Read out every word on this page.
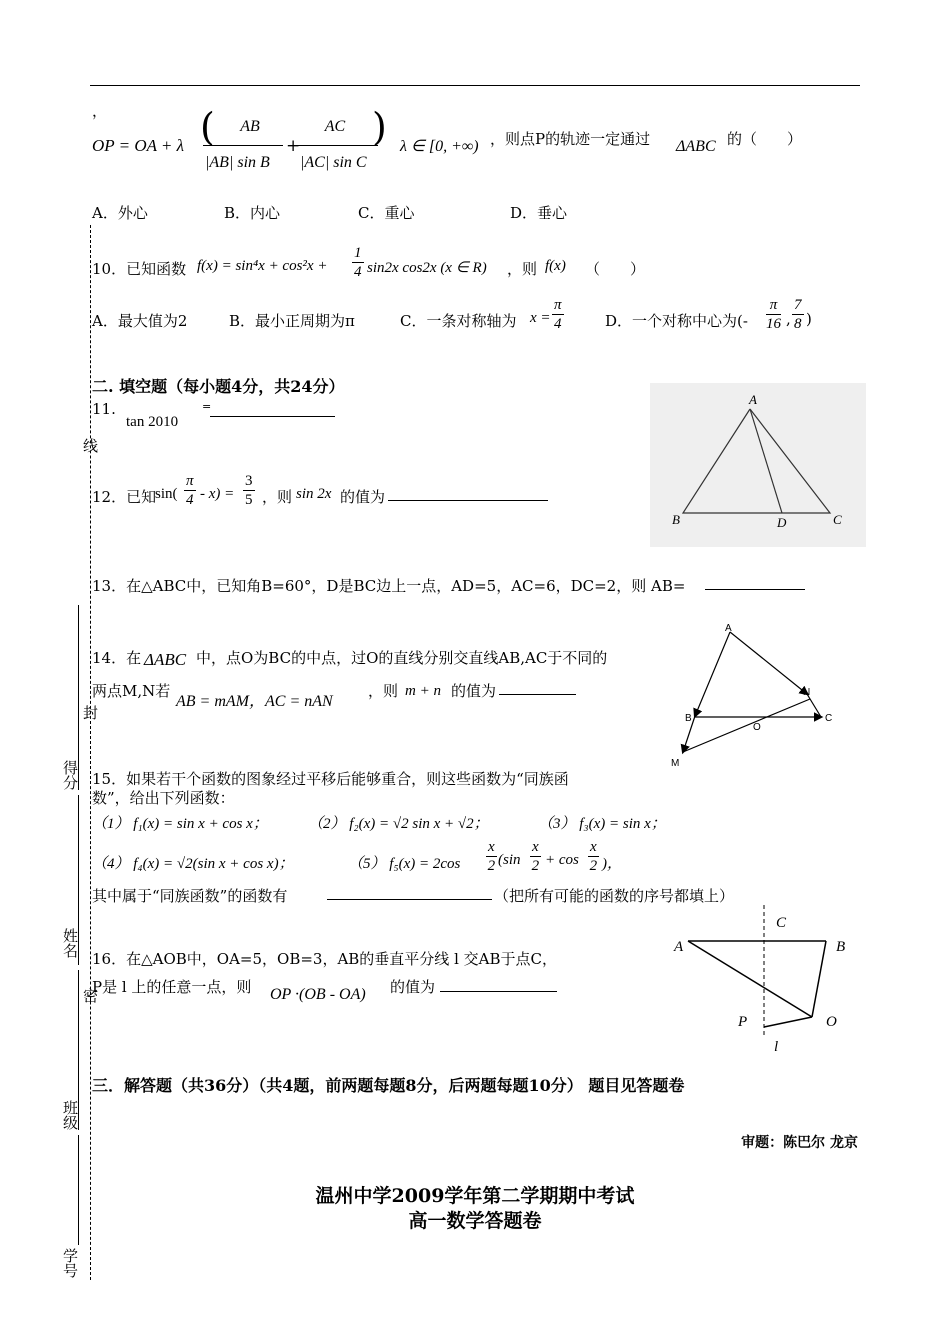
线
封
密
得分
姓名
班级
学号
，
OP = OA + λ (	AB
|AB| sin B
+
AC
|AC| sin C
) λ ∈ [0, +∞) ，则点P的轨迹一定通过 ΔABC 的（　　）
A．外心	B．内心	C．重心	D．垂心
10．已知函数 $f(x) = \sin^4x + \cos^2x + \frac{1}{4} \sin 2x$ cos2x (x ∈ R) ，则 f(x) （　　）
A．最大值为2	B．最小正周期为π	C．一条对称轴为 $x = \frac{\pi}{4}$	D．一个对称中心为(- $\frac{\pi}{16}$ , $\frac{7}{8}$ )
二. 填空题（每小题4分，共24分）
11.
tan 2010
=	A
B	C
D
12．已知
$\sin( \frac{\pi}{4} - x) = \frac{3}{5}$ ，则 sin 2x 的值为
13．在△ABC中，已知角B=60°，D是BC边上一点，AD=5，AC=6，DC=2，则 AB=
14．在 ΔABC 中，点O为BC的中点，过O的直线分别交直线AB,AC于不同的
两点M,N若
AB = mAM，AC = nAN
，则 m + n 的值为
A
B	C
O
M
N
15．如果若干个函数的图象经过平移后能够重合，则这些函数为“同族函
数”，给出下列函数：
（1） f₁(x) = sin x + cos x；	（2） f₂(x) = √2 sin x + √2；	（3） f₃(x) = sin x；
（4） f₄(x) = √2(sin x + cos x)；	（5） $f_5(x) = 2\cos \frac{x}{2} (\sin \frac{x}{2} + \cos \frac{x}{2}$ )，
其中属于“同族函数”的函数有	（把所有可能的函数的序号都填上）
16．在△AOB中，OA=5，OB=3，AB的垂直平分线 l 交AB于点C，
P是 l 上的任意一点，则 OP ·(OB - OA) 的值为
C
A	B
O
P
l
三．解答题（共36分）（共4题，前两题每题8分，后两题每题10分） 题目见答题卷
审题：陈巴尔 龙京
温州中学2009学年第二学期期中考试
高一数学答题卷
